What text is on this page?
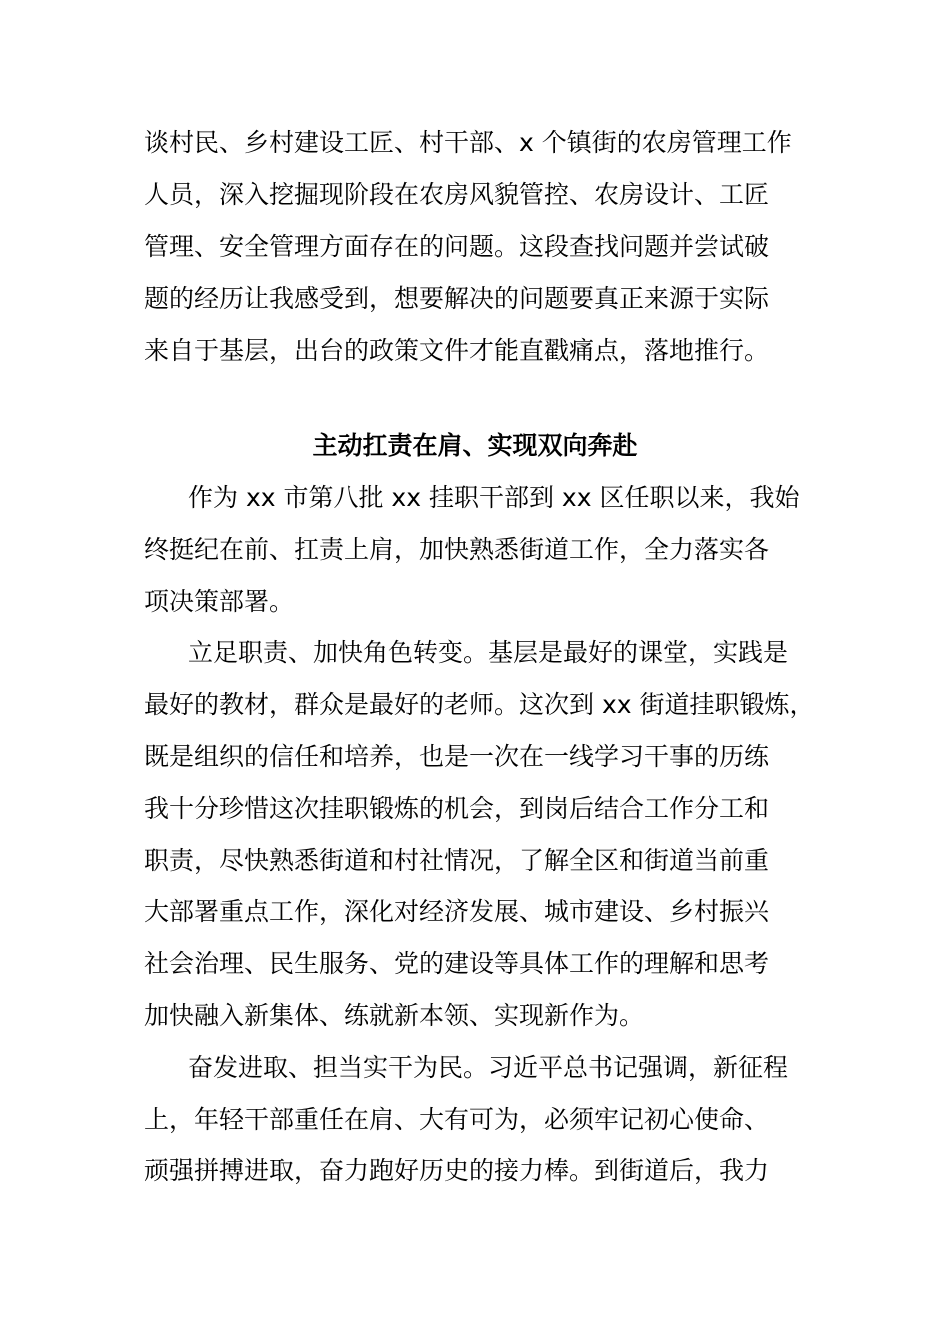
谈村民、乡村建设工匠、村干部、x 个镇街的农房管理工作
人员，深入挖掘现阶段在农房风貌管控、农房设计、工匠
管理、安全管理方面存在的问题。这段查找问题并尝试破
题的经历让我感受到，想要解决的问题要真正来源于实际
来自于基层，出台的政策文件才能直戳痛点，落地推行。
主动扛责在肩、实现双向奔赴
作为 xx 市第八批 xx 挂职干部到 xx 区任职以来，我始
终挺纪在前、扛责上肩，加快熟悉街道工作，全力落实各
项决策部署。
立足职责、加快角色转变。基层是最好的课堂，实践是
最好的教材，群众是最好的老师。这次到 xx 街道挂职锻炼，
既是组织的信任和培养，也是一次在一线学习干事的历练
我十分珍惜这次挂职锻炼的机会，到岗后结合工作分工和
职责，尽快熟悉街道和村社情况，了解全区和街道当前重
大部署重点工作，深化对经济发展、城市建设、乡村振兴
社会治理、民生服务、党的建设等具体工作的理解和思考
加快融入新集体、练就新本领、实现新作为。
奋发进取、担当实干为民。习近平总书记强调，新征程
上，年轻干部重任在肩、大有可为，必须牢记初心使命、
顽强拼搏进取，奋力跑好历史的接力棒。到街道后，我力
